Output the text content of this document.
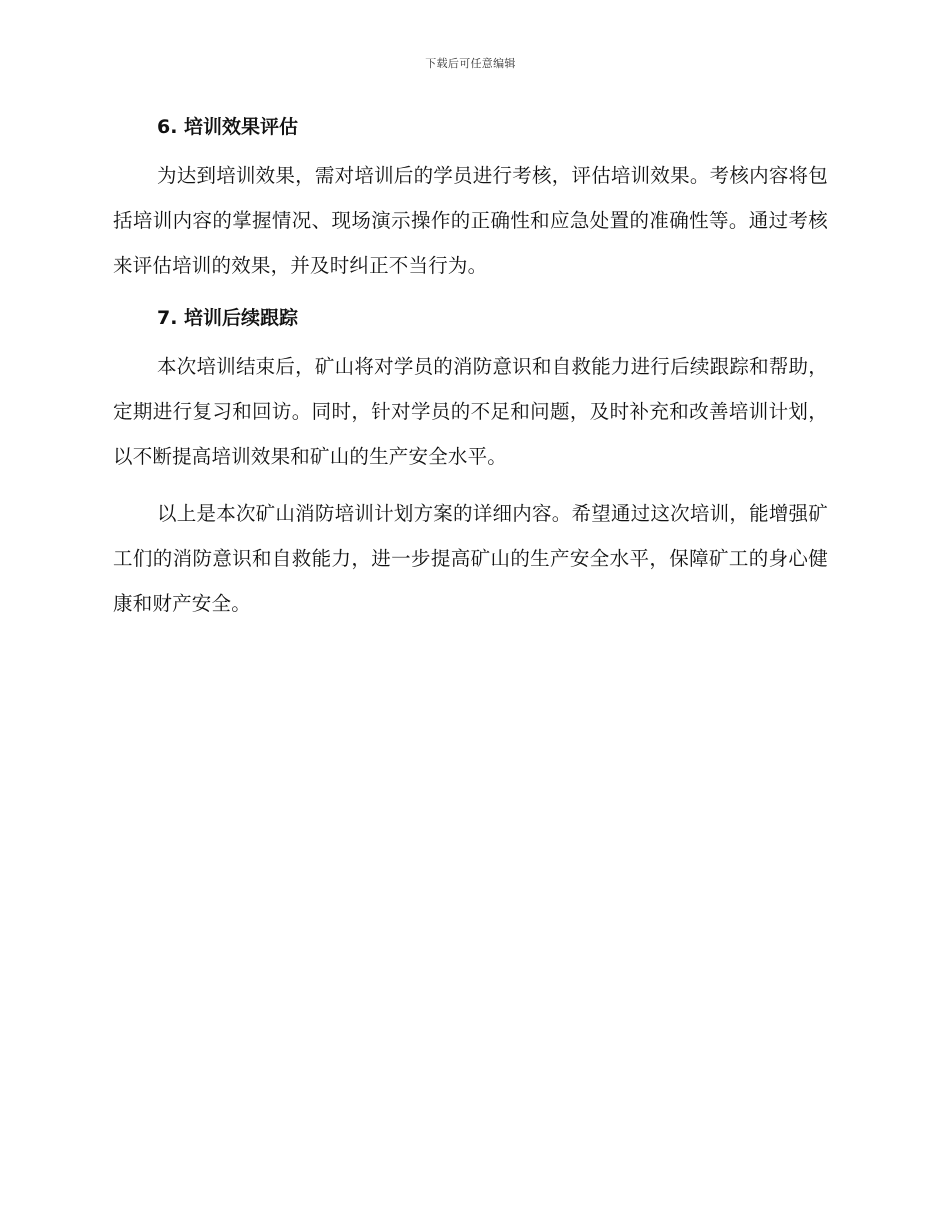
下载后可任意编辑
6. 培训效果评估

为达到培训效果，需对培训后的学员进行考核，评估培训效果。考核内容将包括培训内容的掌握情况、现场演示操作的正确性和应急处置的准确性等。通过考核来评估培训的效果，并及时纠正不当行为。

7. 培训后续跟踪

本次培训结束后，矿山将对学员的消防意识和自救能力进行后续跟踪和帮助，定期进行复习和回访。同时，针对学员的不足和问题，及时补充和改善培训计划，以不断提高培训效果和矿山的生产安全水平。

以上是本次矿山消防培训计划方案的详细内容。希望通过这次培训，能增强矿工们的消防意识和自救能力，进一步提高矿山的生产安全水平，保障矿工的身心健康和财产安全。
